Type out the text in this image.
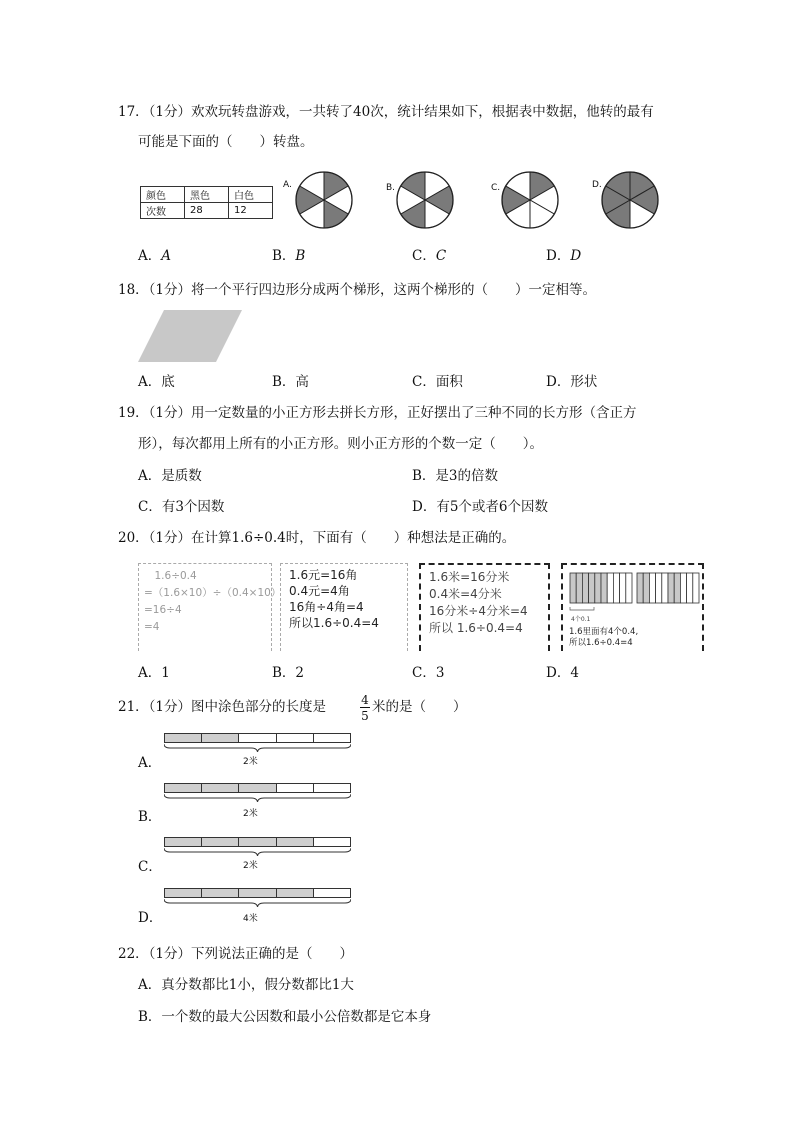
17．（1分）欢欢玩转盘游戏，一共转了40次，统计结果如下，根据表中数据，他转的最有
可能是下面的（　　）转盘。
颜色	黑色	白色
次数	28	12
A.	B.	C.	D.
A．A	B．B	C．C	D．D
18．（1分）将一个平行四边形分成两个梯形，这两个梯形的（　　）一定相等。
A．底	B．高	C．面积	D．形状
19．（1分）用一定数量的小正方形去拼长方形，正好摆出了三种不同的长方形（含正方
形），每次都用上所有的小正方形。则小正方形的个数一定（　　）。
A．是质数	B．是3的倍数
C．有3个因数	D．有5个或者6个因数
20．（1分）在计算1.6÷0.4时，下面有（　　）种想法是正确的。
　1.6÷0.4
=（1.6×10）÷（0.4×10）
=16÷4
=4
1.6元=16角
0.4元=4角
16角÷4角=4
所以1.6÷0.4=4
1.6米=16分米
0.4米=4分米
16分米÷4分米=4
所以 1.6÷0.4=4
4个0.1
1.6里面有4个0.4,
所以1.6÷0.4=4
A．1	B．2	C．3	D．4
21．（1分）图中涂色部分的长度是	4
5
米的是（　　）
A．	2米
B．	2米
C．	2米
D．	4米
22．（1分）下列说法正确的是（　　）
A．真分数都比1小，假分数都比1大
B．一个数的最大公因数和最小公倍数都是它本身
